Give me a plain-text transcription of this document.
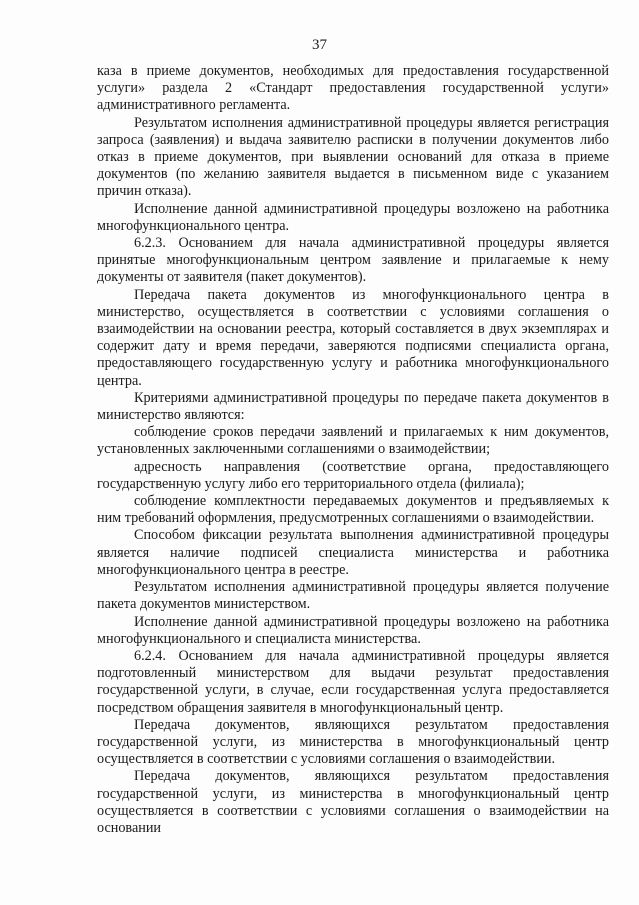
37

каза в приеме документов, необходимых для предоставления государственной услуги» раздела 2 «Стандарт предоставления государственной услуги» административного регламента.

Результатом исполнения административной процедуры является регистрация запроса (заявления) и выдача заявителю расписки в получении документов либо отказ в приеме документов, при выявлении оснований для отказа в приеме документов (по желанию заявителя выдается в письменном виде с указанием причин отказа).

Исполнение данной административной процедуры возложено на работника многофункционального центра.

6.2.3. Основанием для начала административной процедуры является принятые многофункциональным центром заявление и прилагаемые к нему документы от заявителя (пакет документов).

Передача пакета документов из многофункционального центра в министерство, осуществляется в соответствии с условиями соглашения о взаимодействии на основании реестра, который составляется в двух экземплярах и содержит дату и время передачи, заверяются подписями специалиста органа, предоставляющего государственную услугу и работника многофункционального центра.

Критериями административной процедуры по передаче пакета документов в министерство являются:

соблюдение сроков передачи заявлений и прилагаемых к ним документов, установленных заключенными соглашениями о взаимодействии;

адресность направления (соответствие органа, предоставляющего государственную услугу либо его территориального отдела (филиала);

соблюдение комплектности передаваемых документов и предъявляемых к ним требований оформления, предусмотренных соглашениями о взаимодействии.

Способом фиксации результата выполнения административной процедуры является наличие подписей специалиста министерства и работника многофункционального центра в реестре.

Результатом исполнения административной процедуры является получение пакета документов министерством.

Исполнение данной административной процедуры возложено на работника многофункционального и специалиста министерства.

6.2.4. Основанием для начала административной процедуры является подготовленный министерством для выдачи результат предоставления государственной услуги, в случае, если государственная услуга предоставляется посредством обращения заявителя в многофункциональный центр.

Передача документов, являющихся результатом предоставления государственной услуги, из министерства в многофункциональный центр осуществляется в соответствии с условиями соглашения о взаимодействии.

Передача документов, являющихся результатом предоставления государственной услуги, из министерства в многофункциональный центр осуществляется в соответствии с условиями соглашения о взаимодействии на основании
